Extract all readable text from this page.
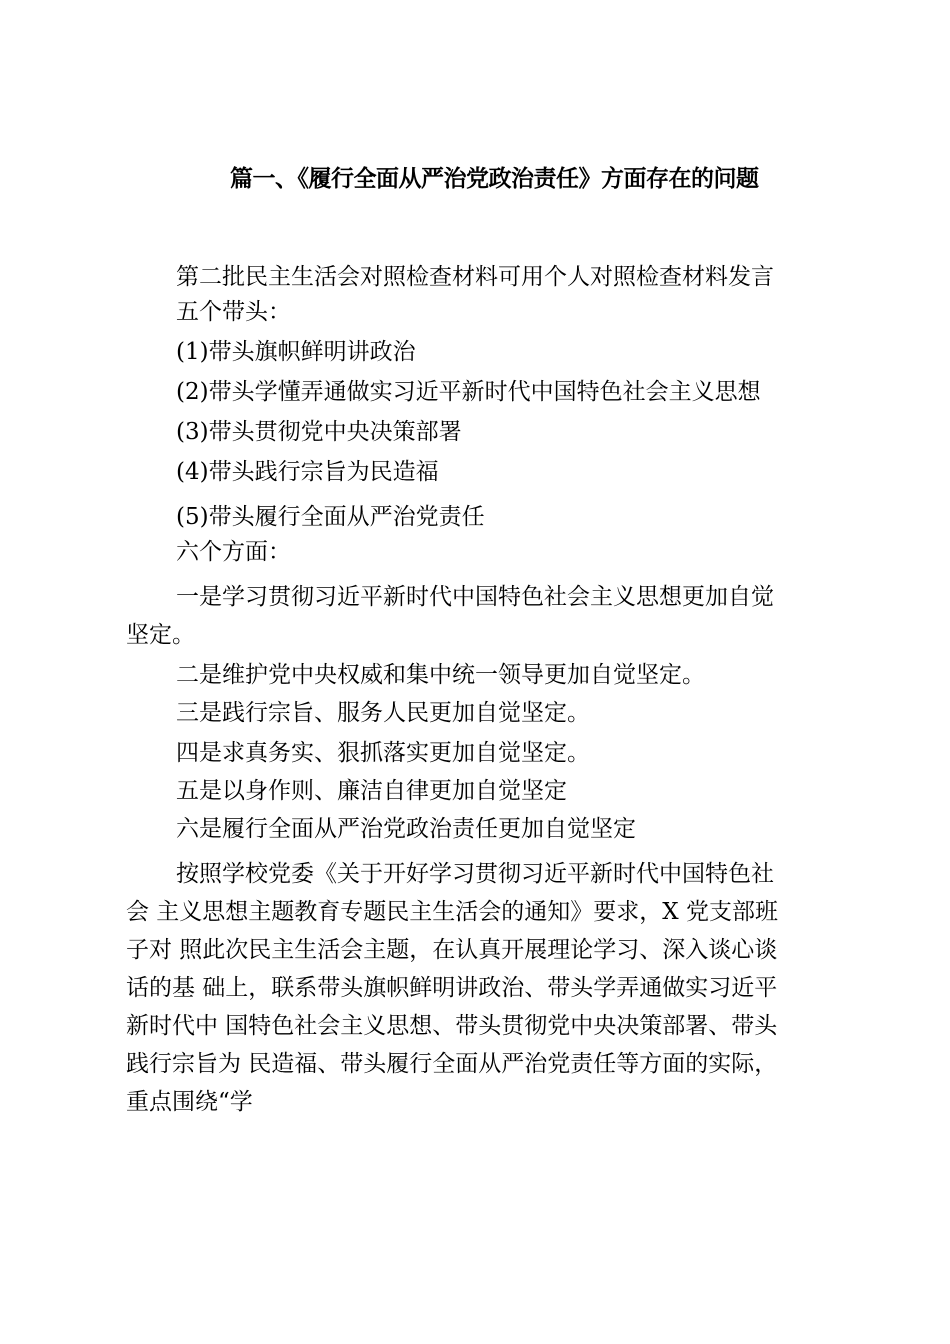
篇一、《履行全面从严治党政治责任》方面存在的问题
第二批民主生活会对照检查材料可用个人对照检查材料发言
五个带头：
(1)带头旗帜鲜明讲政治
(2)带头学懂弄通做实习近平新时代中国特色社会主义思想
(3)带头贯彻党中央决策部署
(4)带头践行宗旨为民造福
(5)带头履行全面从严治党责任
六个方面：
一是学习贯彻习近平新时代中国特色社会主义思想更加自觉
坚定。
二是维护党中央权威和集中统一领导更加自觉坚定。
三是践行宗旨、服务人民更加自觉坚定。
四是求真务实、狠抓落实更加自觉坚定。
五是以身作则、廉洁自律更加自觉坚定
六是履行全面从严治党政治责任更加自觉坚定
按照学校党委《关于开好学习贯彻习近平新时代中国特色社
会 主义思想主题教育专题民主生活会的通知》要求，X 党支部班
子对 照此次民主生活会主题，在认真开展理论学习、深入谈心谈
话的基 础上，联系带头旗帜鲜明讲政治、带头学弄通做实习近平
新时代中 国特色社会主义思想、带头贯彻党中央决策部署、带头
践行宗旨为 民造福、带头履行全面从严治党责任等方面的实际，
重点围绕“学
